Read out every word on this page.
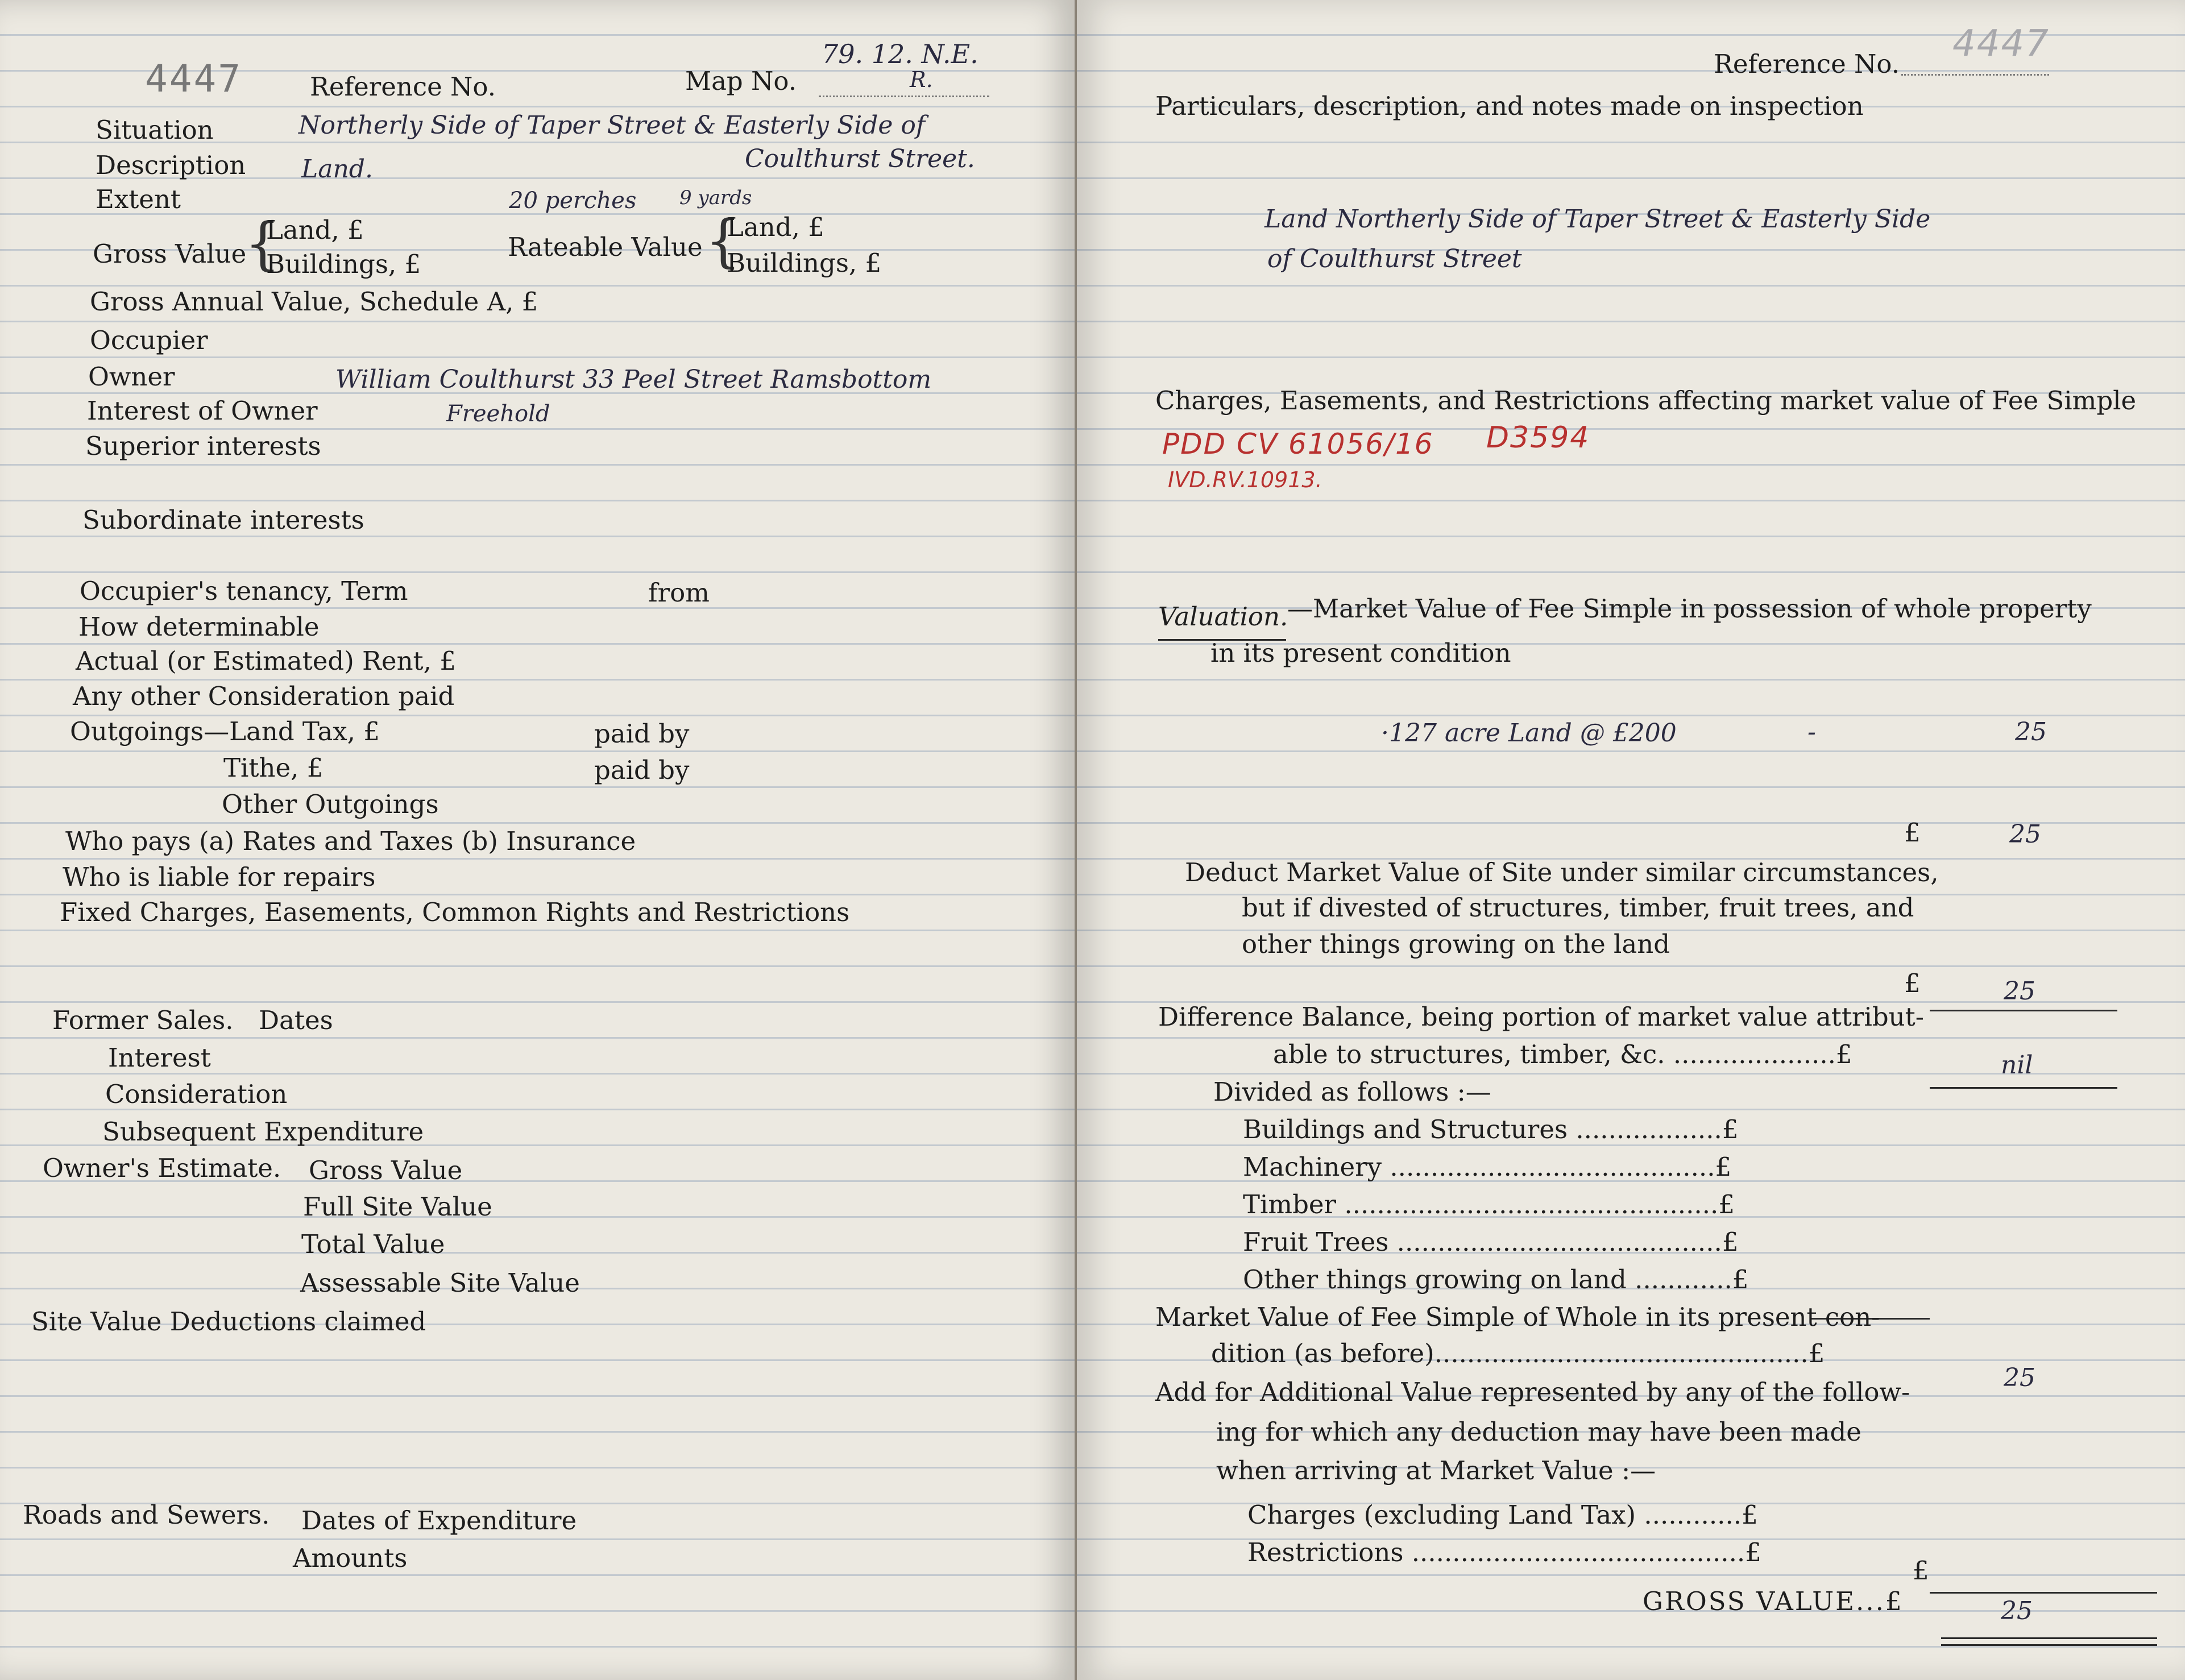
4447	Reference No.	Map No.
79. 12. N.E.
R.
Situation	Northerly Side of Taper Street & Easterly Side of
Description Land.	Coulthurst Street.
Extent	20 perches 9 yards
Gross Value
{
Land, £
Buildings, £
Rateable Value {
Land, £
Buildings, £
Gross Annual Value, Schedule A, £
Occupier
Owner	William Coulthurst 33 Peel Street Ramsbottom
Interest of Owner	Freehold
Superior interests
Subordinate interests
Occupier's tenancy, Term	from
How determinable
Actual (or Estimated) Rent, £
Any other Consideration paid
Outgoings—Land Tax, £	paid by
Tithe, £	paid by
Other Outgoings
Who pays (a) Rates and Taxes (b) Insurance
Who is liable for repairs
Fixed Charges, Easements, Common Rights and Restrictions
Former Sales. Dates
Interest
Consideration
Subsequent Expenditure
Owner's Estimate. Gross Value
Full Site Value
Total Value
Assessable Site Value
Site Value Deductions claimed
Roads and Sewers. Dates of Expenditure
Amounts
Reference No. 4447
Particulars, description, and notes made on inspection
Land Northerly Side of Taper Street & Easterly Side
of Coulthurst Street
Charges, Easements, and Restrictions affecting market value of Fee Simple
PDD CV 61056/16 D3594
IVD.RV.10913.
Valuation.
—Market Value of Fee Simple in possession of whole property
in its present condition
·127 acre Land @ £200	-	25
£	25
Deduct Market Value of Site under similar circumstances,
but if divested of structures, timber, fruit trees, and
other things growing on the land
£	25
Difference Balance, being portion of market value attribut-
able to structures, timber, &c. ....................£	nil
Divided as follows :—
Buildings and Structures ..................£
Machinery ........................................£
Timber ..............................................£
Fruit Trees ........................................£
Other things growing on land ............£
Market Value of Fee Simple of Whole in its present con-
dition (as before)..............................................£
25
Add for Additional Value represented by any of the follow-
ing for which any deduction may have been made
when arriving at Market Value :—
Charges (excluding Land Tax) ............£
Restrictions .........................................£
£
GROSS VALUE...£	25
